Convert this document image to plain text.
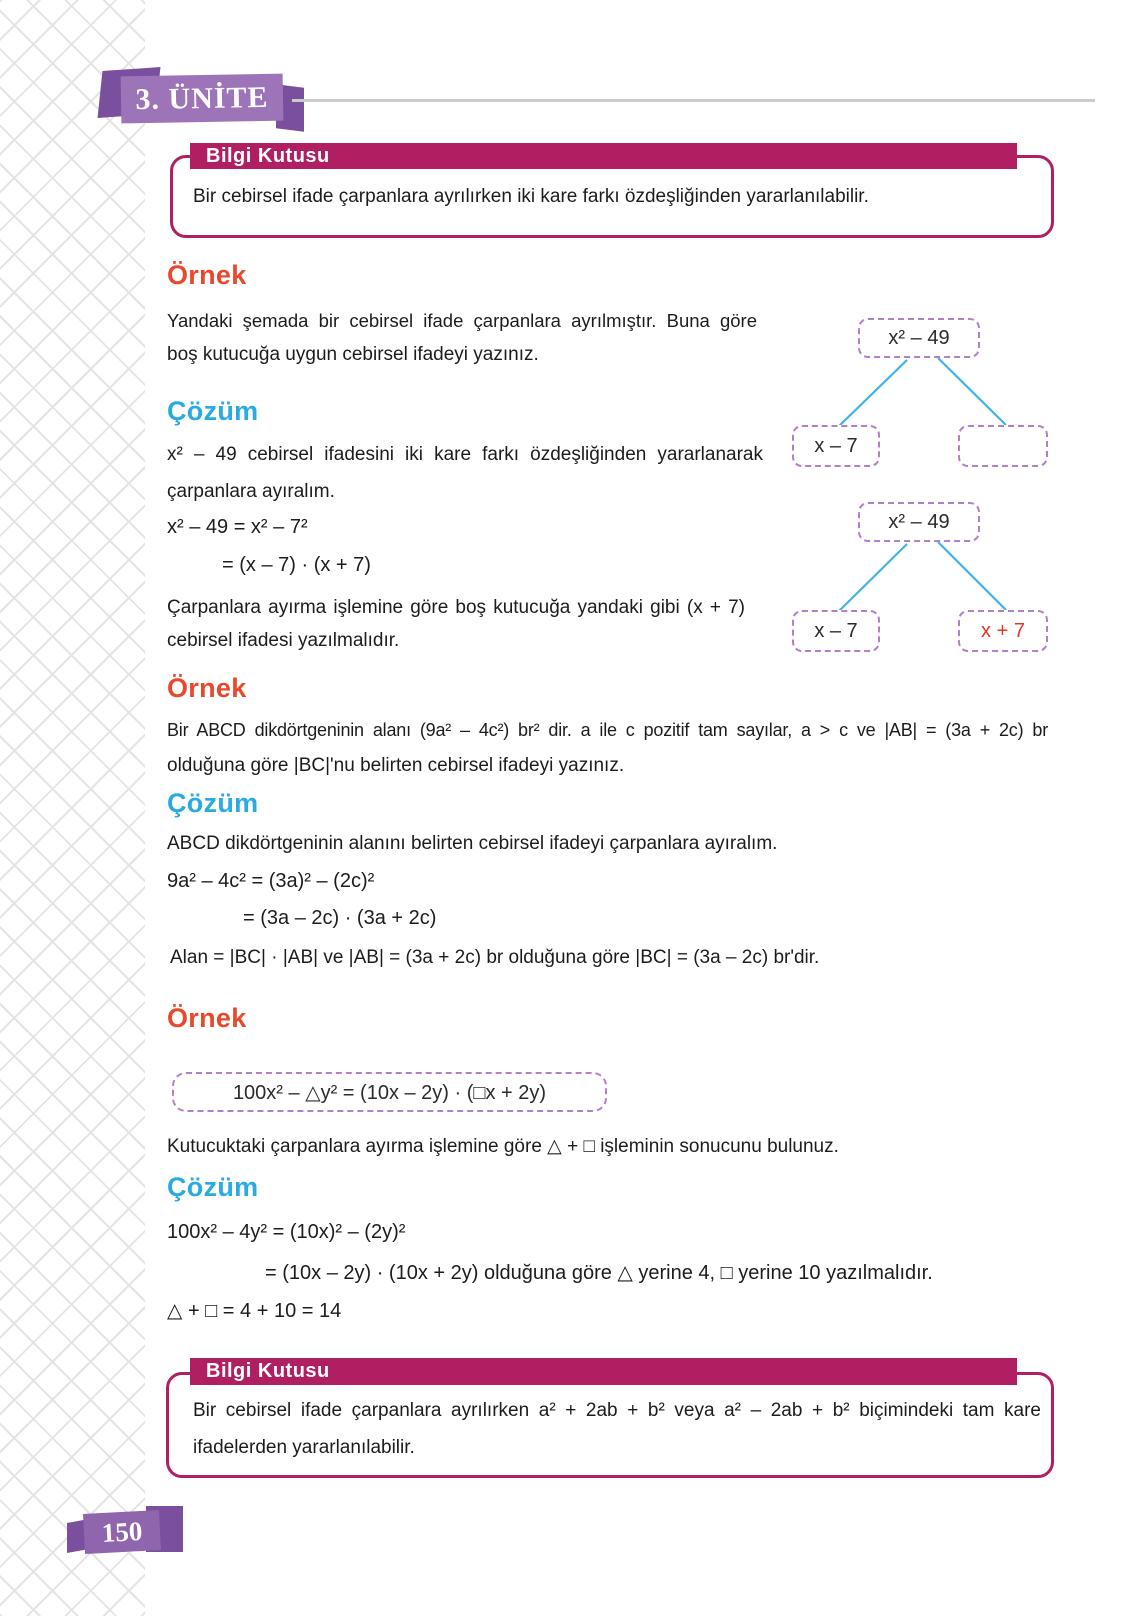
3. ÜNİTE
Bilgi Kutusu
Bir cebirsel ifade çarpanlara ayrılırken iki kare farkı özdeşliğinden yararlanılabilir.
Örnek
Yandaki şemada bir cebirsel ifade çarpanlara ayrılmıştır. Buna göre
boş kutucuğa uygun cebirsel ifadeyi yazınız.
x² – 49
x – 7
Çözüm
x² – 49 cebirsel ifadesini iki kare farkı özdeşliğinden yararlanarak
çarpanlara ayıralım.
x² – 49 = x² – 7²
= (x – 7) · (x + 7)
Çarpanlara ayırma işlemine göre boş kutucuğa yandaki gibi (x + 7)
cebirsel ifadesi yazılmalıdır.
x² – 49
x – 7	x + 7
Örnek
Bir ABCD dikdörtgeninin alanı (9a² – 4c²) br² dir. a ile c pozitif tam sayılar, a > c ve |AB| = (3a + 2c) br
olduğuna göre |BC|'nu belirten cebirsel ifadeyi yazınız.
Çözüm
ABCD dikdörtgeninin alanını belirten cebirsel ifadeyi çarpanlara ayıralım.
9a² – 4c² = (3a)² – (2c)²
= (3a – 2c) · (3a + 2c)
Alan = |BC| · |AB| ve |AB| = (3a + 2c) br olduğuna göre |BC| = (3a – 2c) br'dir.
Örnek
100x² – △y² = (10x – 2y) · (□x + 2y)
Kutucuktaki çarpanlara ayırma işlemine göre △ + □ işleminin sonucunu bulunuz.
Çözüm
100x² – 4y² = (10x)² – (2y)²
= (10x – 2y) · (10x + 2y) olduğuna göre △ yerine 4, □ yerine 10 yazılmalıdır.
△ + □ = 4 + 10 = 14
Bilgi Kutusu
Bir cebirsel ifade çarpanlara ayrılırken a² + 2ab + b² veya a² – 2ab + b² biçimindeki tam kare
ifadelerden yararlanılabilir.
150
